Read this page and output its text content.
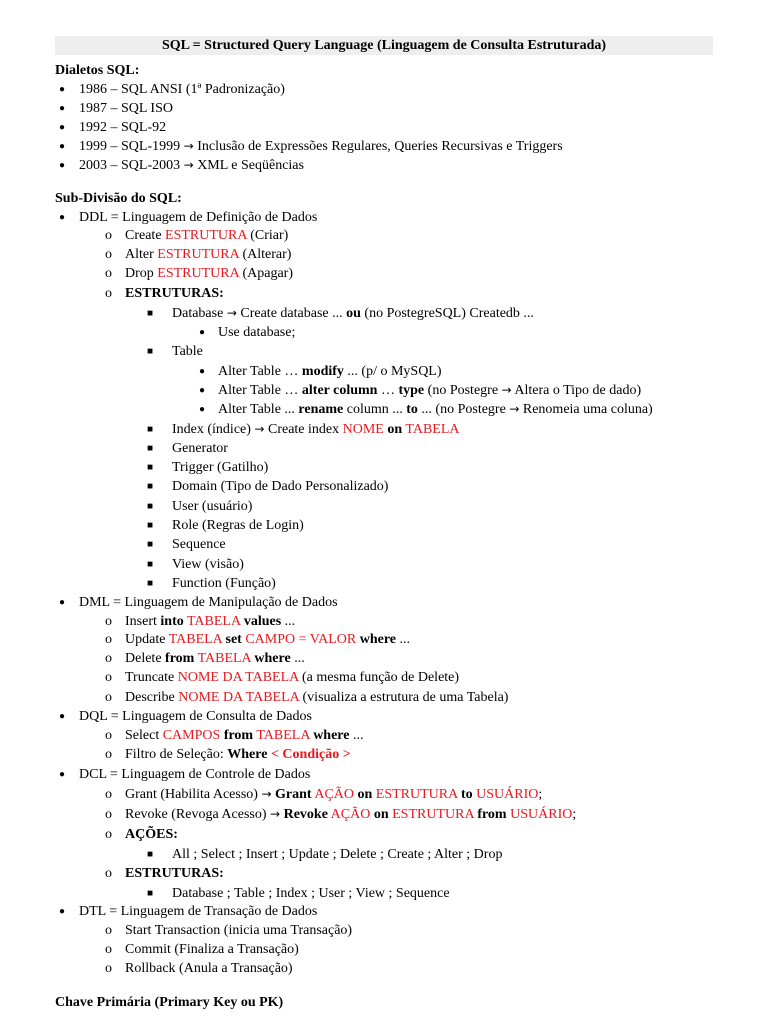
SQL = Structured Query Language (Linguagem de Consulta Estruturada)
Dialetos SQL:
● 1986 – SQL ANSI (1ª Padronização)
● 1987 – SQL ISO
● 1992 – SQL-92
● 1999 – SQL-1999 → Inclusão de Expressões Regulares, Queries Recursivas e Triggers
● 2003 – SQL-2003 → XML e Seqüências
Sub-Divisão do SQL:
● DDL = Linguagem de Definição de Dados
o Create ESTRUTURA (Criar)
o Alter ESTRUTURA (Alterar)
o Drop ESTRUTURA (Apagar)
o ESTRUTURAS:
■ Database → Create database ... ou (no PostegreSQL) Createdb ...
● Use database;
■ Table
● Alter Table … modify ... (p/ o MySQL)
● Alter Table … alter column … type (no Postegre → Altera o Tipo de dado)
● Alter Table ... rename column ... to ... (no Postegre → Renomeia uma coluna)
■ Index (índice) → Create index NOME on TABELA
■ Generator
■ Trigger (Gatilho)
■ Domain (Tipo de Dado Personalizado)
■ User (usuário)
■ Role (Regras de Login)
■ Sequence
■ View (visão)
■ Function (Função)
● DML = Linguagem de Manipulação de Dados
o Insert into TABELA values ...
o Update TABELA set CAMPO = VALOR where ...
o Delete from TABELA where ...
o Truncate NOME DA TABELA (a mesma função de Delete)
o Describe NOME DA TABELA (visualiza a estrutura de uma Tabela)
● DQL = Linguagem de Consulta de Dados
o Select CAMPOS from TABELA where ...
o Filtro de Seleção: Where < Condição >
● DCL = Linguagem de Controle de Dados
o Grant (Habilita Acesso) → Grant AÇÃO on ESTRUTURA to USUÁRIO;
o Revoke (Revoga Acesso) → Revoke AÇÃO on ESTRUTURA from USUÁRIO;
o AÇÕES:
■ All ; Select ; Insert ; Update ; Delete ; Create ; Alter ; Drop
o ESTRUTURAS:
■ Database ; Table ; Index ; User ; View ; Sequence
● DTL = Linguagem de Transação de Dados
o Start Transaction (inicia uma Transação)
o Commit (Finaliza a Transação)
o Rollback (Anula a Transação)
Chave Primária (Primary Key ou PK)
